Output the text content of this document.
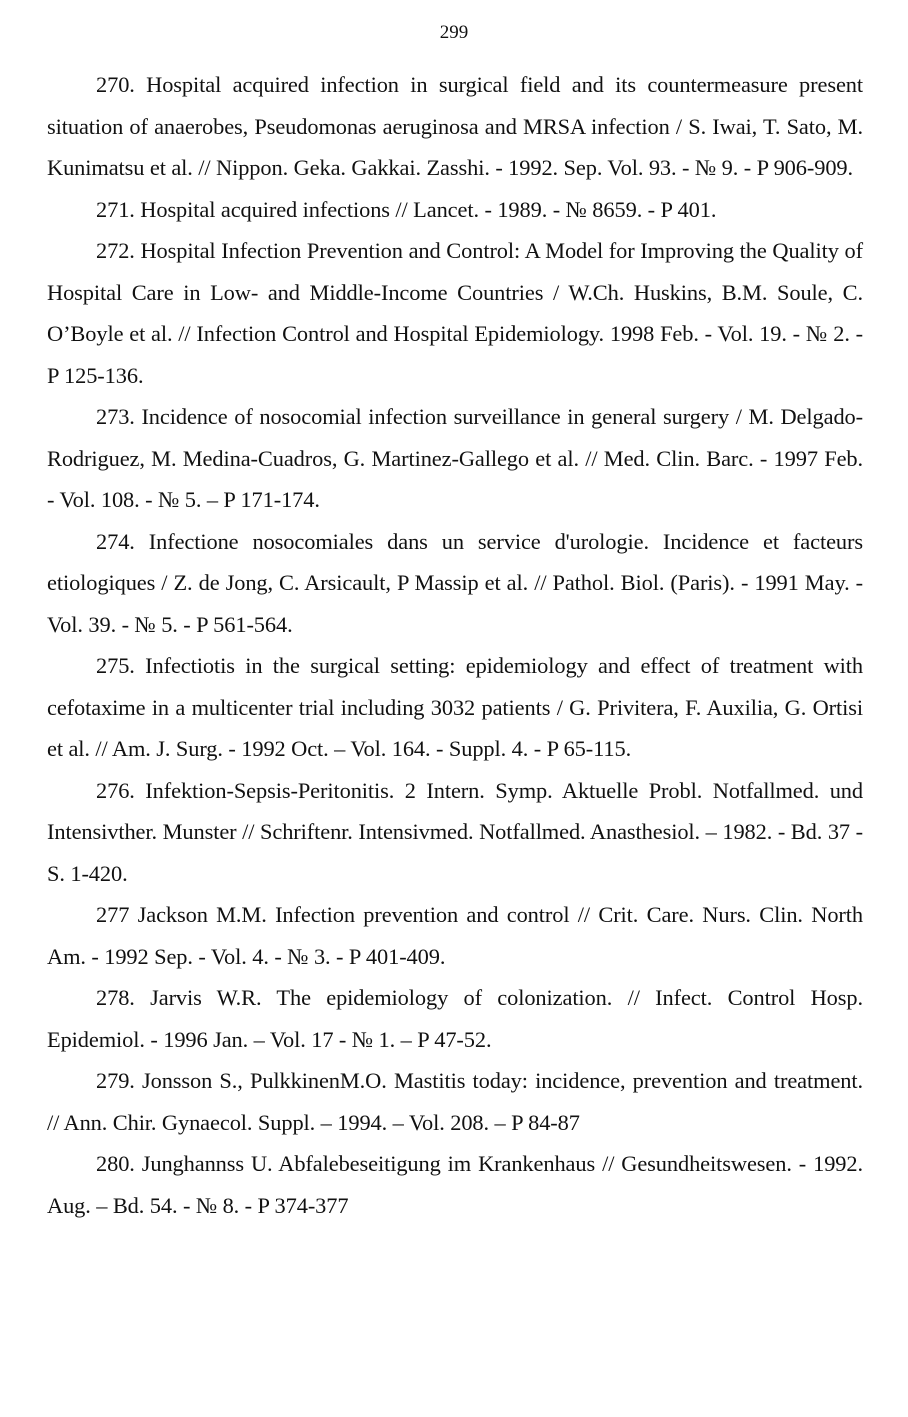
299

270. Hospital acquired infection in surgical field and its countermeasure present situation of anaerobes, Pseudomonas aeruginosa and MRSA infection / S. Iwai, T. Sato, M. Kunimatsu et al. // Nippon. Geka. Gakkai. Zasshi. - 1992. Sep. Vol. 93. - № 9. - P 906-909.

271. Hospital acquired infections // Lancet. - 1989. - № 8659. - P 401.

272. Hospital Infection Prevention and Control: A Model for Improving the Quality of Hospital Care in Low- and Middle-Income Countries / W.Ch. Huskins, B.M. Soule, C. O’Boyle et al. // Infection Control and Hospital Epidemiology. 1998 Feb. - Vol. 19. - № 2. - P 125-136.

273. Incidence of nosocomial infection surveillance in general surgery / M. Delgado-Rodriguez, M. Medina-Cuadros, G. Martinez-Gallego et al. // Med. Clin. Barc. - 1997 Feb. - Vol. 108. - № 5. – P 171-174.

274. Infectione nosocomiales dans un service d'urologie. Incidence et facteurs etiologiques / Z. de Jong, C. Arsicault, P Massip et al. // Pathol. Biol. (Paris). - 1991 May. - Vol. 39. - № 5. - P 561-564.

275. Infectiotis in the surgical setting: epidemiology and effect of treatment with cefotaxime in a multicenter trial including 3032 patients / G. Privitera, F. Auxilia, G. Ortisi et al. // Am. J. Surg. - 1992 Oct. – Vol. 164. - Suppl. 4. - P 65-115.

276. Infektion-Sepsis-Peritonitis. 2 Intern. Symp. Aktuelle Probl. Notfallmed. und Intensivther. Munster // Schriftenr. Intensivmed. Notfallmed. Anasthesiol. – 1982. - Bd. 37 - S. 1-420.

277 Jackson M.M. Infection prevention and control // Crit. Care. Nurs. Clin. North Am. - 1992 Sep. - Vol. 4. - № 3. - P 401-409.

278. Jarvis W.R. The epidemiology of colonization. // Infect. Control Hosp. Epidemiol. - 1996 Jan. – Vol. 17 - № 1. – P 47-52.

279. Jonsson S., PulkkinenM.O. Mastitis today: incidence, prevention and treatment. // Ann. Chir. Gynaecol. Suppl. – 1994. – Vol. 208. – P 84-87

280. Junghannss U. Abfalebeseitigung im Krankenhaus // Gesundheitswesen. - 1992. Aug. – Bd. 54. - № 8. - P 374-377
